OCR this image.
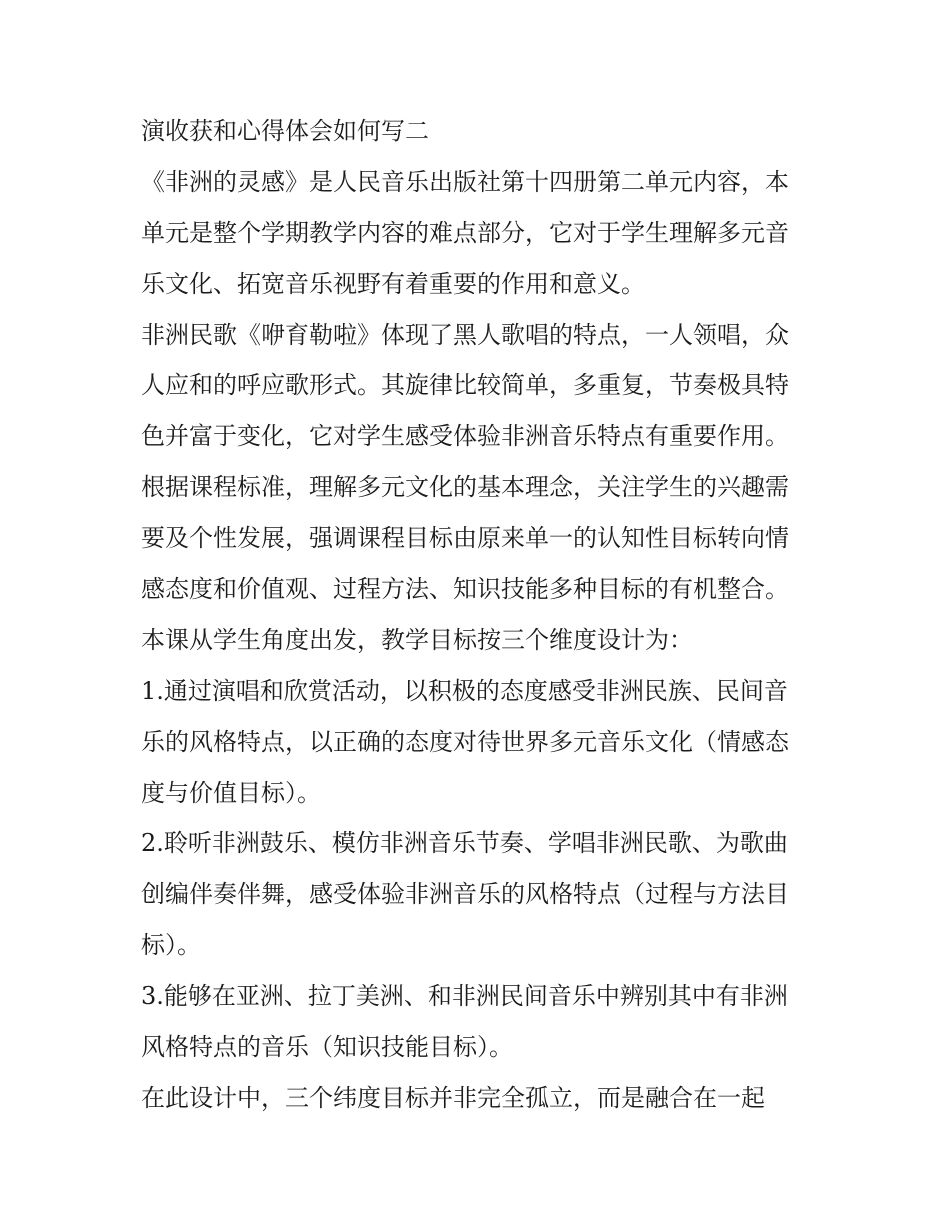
演收获和心得体会如何写二
《非洲的灵感》是人民音乐出版社第十四册第二单元内容，本
单元是整个学期教学内容的难点部分，它对于学生理解多元音
乐文化、拓宽音乐视野有着重要的作用和意义。
非洲民歌《咿育勒啦》体现了黑人歌唱的特点，一人领唱，众
人应和的呼应歌形式。其旋律比较简单，多重复，节奏极具特
色并富于变化，它对学生感受体验非洲音乐特点有重要作用。
根据课程标准，理解多元文化的基本理念，关注学生的兴趣需
要及个性发展，强调课程目标由原来单一的认知性目标转向情
感态度和价值观、过程方法、知识技能多种目标的有机整合。
本课从学生角度出发，教学目标按三个维度设计为：
1.通过演唱和欣赏活动，以积极的态度感受非洲民族、民间音
乐的风格特点，以正确的态度对待世界多元音乐文化（情感态
度与价值目标）。
2.聆听非洲鼓乐、模仿非洲音乐节奏、学唱非洲民歌、为歌曲
创编伴奏伴舞，感受体验非洲音乐的风格特点（过程与方法目
标）。
3.能够在亚洲、拉丁美洲、和非洲民间音乐中辨别其中有非洲
风格特点的音乐（知识技能目标）。
在此设计中，三个纬度目标并非完全孤立，而是融合在一起
